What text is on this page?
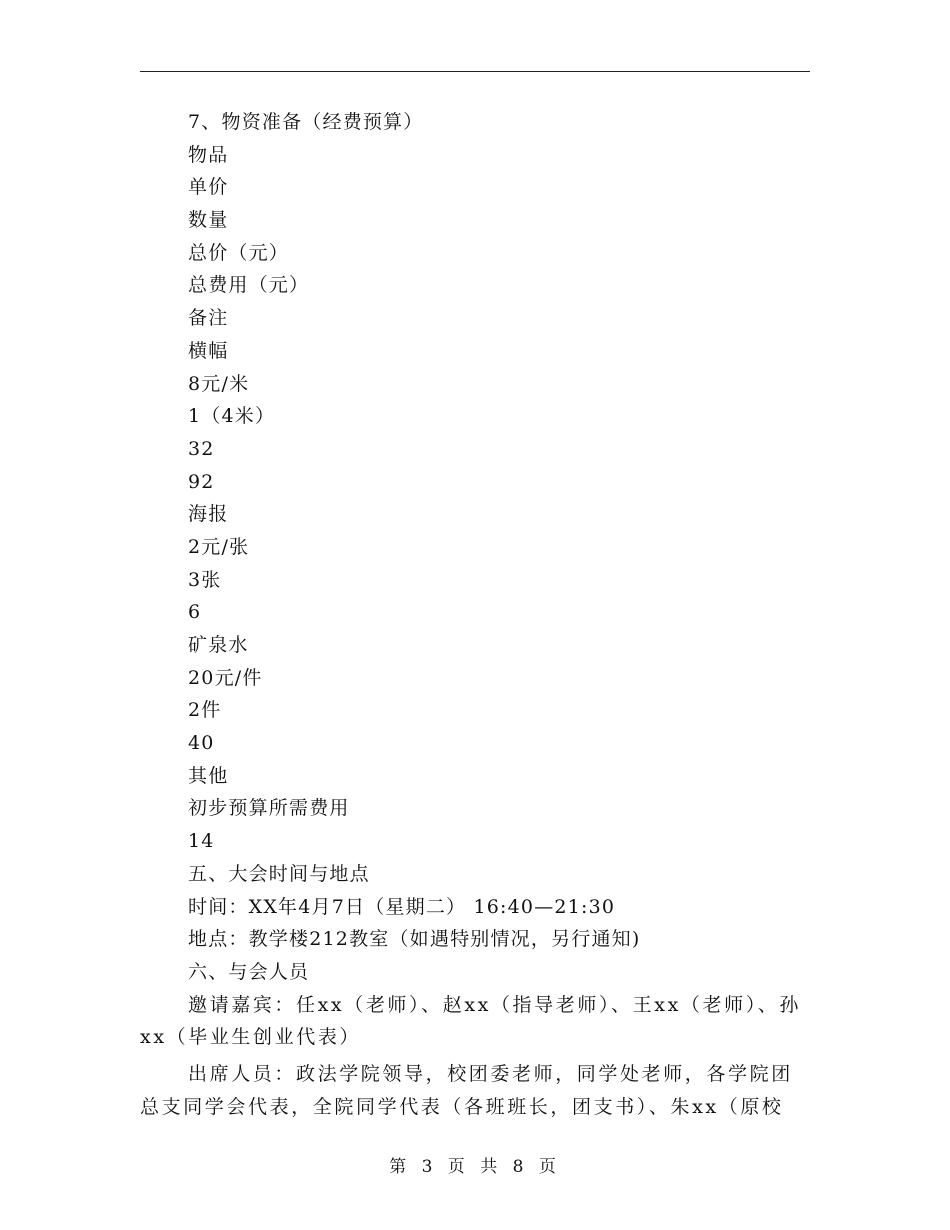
7、物资准备（经费预算）
物品
单价
数量
总价（元）
总费用（元）
备注
横幅
8元/米
1（4米）
32
92
海报
2元/张
3张
6
矿泉水
20元/件
2件
40
其他
初步预算所需费用
14
五、大会时间与地点
时间：XX年4月7日（星期二） 16:40—21:30
地点：教学楼212教室（如遇特别情况，另行通知)
六、与会人员

邀请嘉宾：任xx（老师）、赵xx（指导老师）、王xx（老师）、孙xx（毕业生创业代表）

出席人员：政法学院领导，校团委老师，同学处老师，各学院团总支同学会代表，全院同学代表（各班班长，团支书）、朱xx（原校

第 3 页 共 8 页
